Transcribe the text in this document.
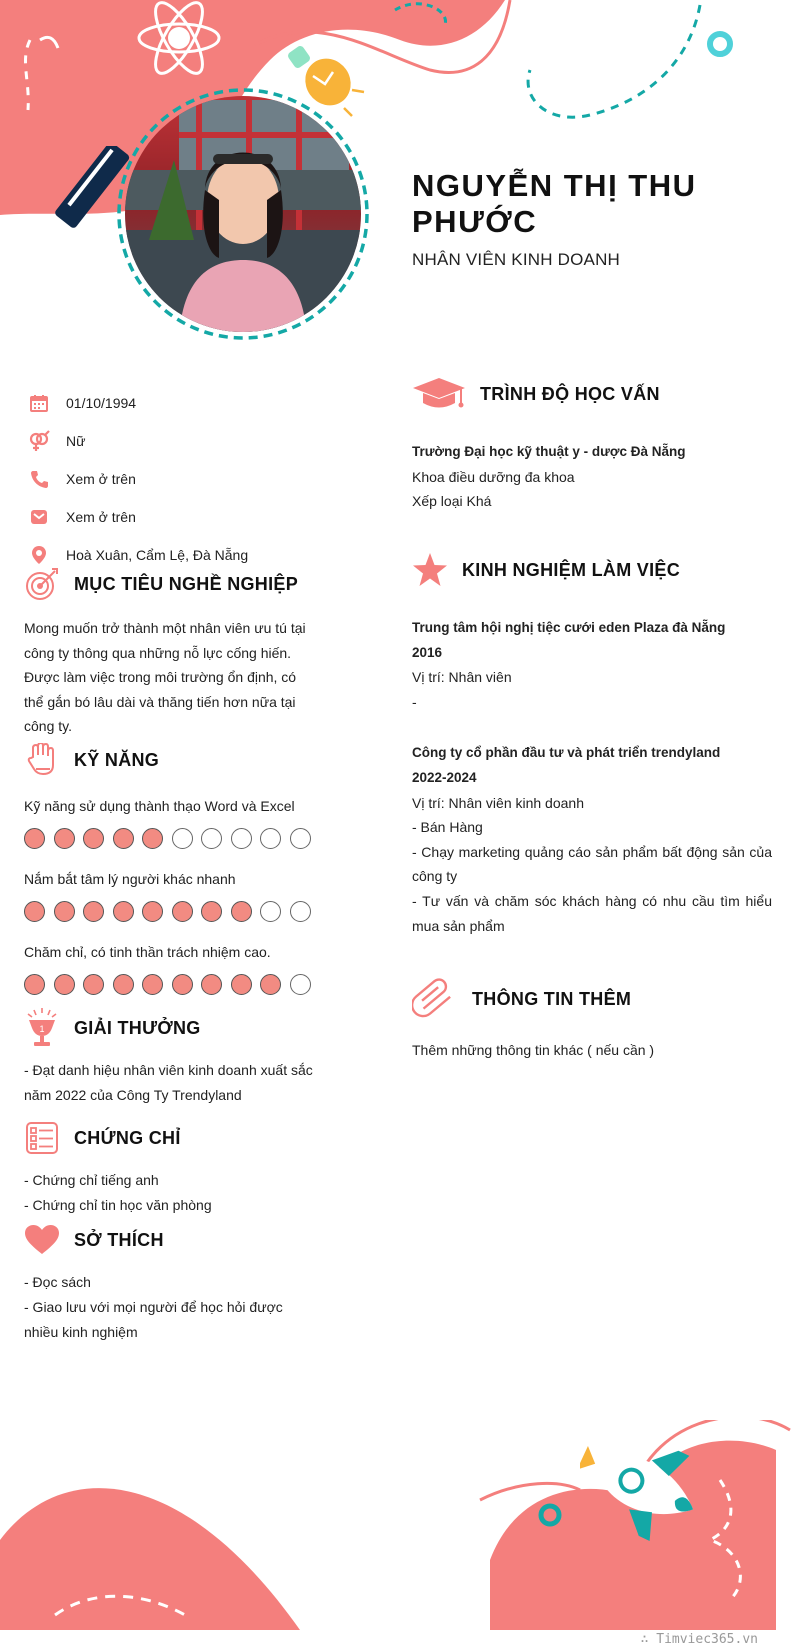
NGUYỄN THỊ THU PHƯỚC
NHÂN VIÊN KINH DOANH
01/10/1994
Nữ
Xem ở trên
Xem ở trên
Hoà Xuân, Cẩm Lệ, Đà Nẵng
MỤC TIÊU NGHỀ NGHIỆP
Mong muốn trở thành một nhân viên ưu tú tại công ty thông qua những nỗ lực cống hiến. Được làm việc trong môi trường ổn định, có thể gắn bó lâu dài và thăng tiến hơn nữa tại công ty.
KỸ NĂNG
Kỹ năng sử dụng thành thạo Word và Excel
Nắm bắt tâm lý người khác nhanh
Chăm chỉ, có tinh thần trách nhiệm cao.
1 GIẢI THƯỞNG
- Đạt danh hiệu nhân viên kinh doanh xuất sắc năm 2022 của Công Ty Trendyland
CHỨNG CHỈ
- Chứng chỉ tiếng anh
- Chứng chỉ tin học văn phòng
SỞ THÍCH
- Đọc sách
- Giao lưu với mọi người để học hỏi được nhiều kinh nghiệm
TRÌNH ĐỘ HỌC VẤN
Trường Đại học kỹ thuật y - dược Đà Nẵng
Khoa điều dưỡng đa khoa
Xếp loại Khá
KINH NGHIỆM LÀM VIỆC
Trung tâm hội nghị tiệc cưới eden Plaza đà Nẵng
2016
Vị trí: Nhân viên
-
Công ty cổ phần đầu tư và phát triển trendyland
2022-2024
Vị trí: Nhân viên kinh doanh
- Bán Hàng
- Chạy marketing quảng cáo sản phẩm bất động sản của công ty
- Tư vấn và chăm sóc khách hàng có nhu cầu tìm hiểu mua sản phẩm
THÔNG TIN THÊM
Thêm những thông tin khác ( nếu cần )
∴ Timviec365.vn
